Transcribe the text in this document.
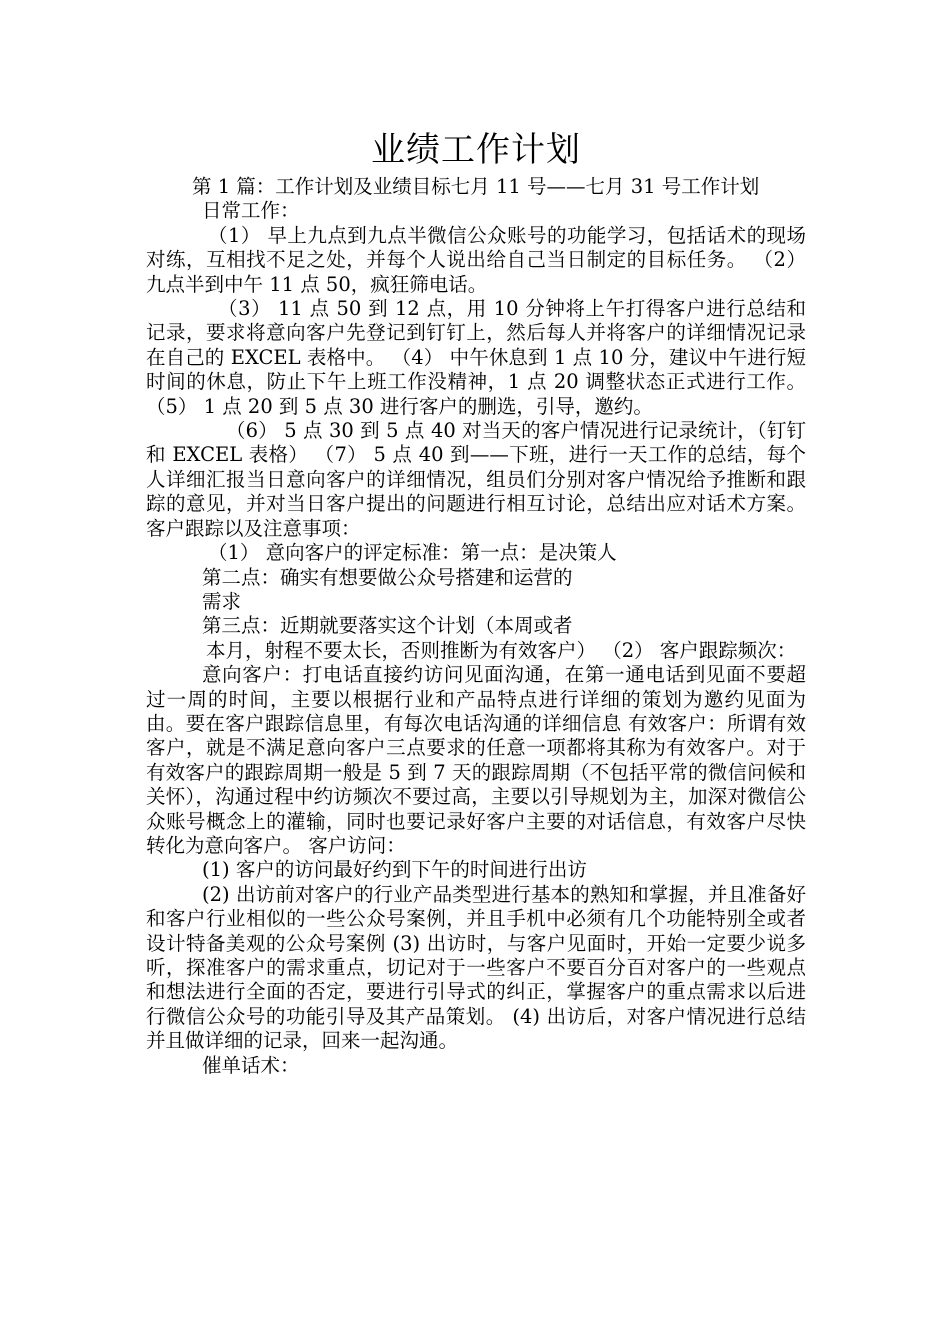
业绩工作计划

第 1 篇：工作计划及业绩目标七月 11 号——七月 31 号工作计划

日常工作：

（1） 早上九点到九点半微信公众账号的功能学习，包括话术的现场对练，互相找不足之处，并每个人说出给自己当日制定的目标任务。 （2） 九点半到中午 11 点 50，疯狂筛电话。

（3） 11 点 50 到 12 点，用 10 分钟将上午打得客户进行总结和记录，要求将意向客户先登记到钉钉上，然后每人并将客户的详细情况记录在自己的 EXCEL 表格中。 （4） 中午休息到 1 点 10 分，建议中午进行短时间的休息，防止下午上班工作没精神，1 点 20 调整状态正式进行工作。 （5） 1 点 20 到 5 点 30 进行客户的删选，引导，邀约。

（6） 5 点 30 到 5 点 40 对当天的客户情况进行记录统计，（钉钉和 EXCEL 表格） （7） 5 点 40 到——下班，进行一天工作的总结，每个人详细汇报当日意向客户的详细情况，组员们分别对客户情况给予推断和跟踪的意见，并对当日客户提出的问题进行相互讨论，总结出应对话术方案。 客户跟踪以及注意事项：

（1） 意向客户的评定标准：第一点：是决策人

第二点：确实有想要做公众号搭建和运营的

需求

第三点：近期就要落实这个计划（本周或者

本月，射程不要太长，否则推断为有效客户） （2） 客户跟踪频次：

意向客户：打电话直接约访问见面沟通，在第一通电话到见面不要超过一周的时间，主要以根据行业和产品特点进行详细的策划为邀约见面为由。要在客户跟踪信息里，有每次电话沟通的详细信息 有效客户：所谓有效客户，就是不满足意向客户三点要求的任意一项都将其称为有效客户。对于有效客户的跟踪周期一般是 5 到 7 天的跟踪周期（不包括平常的微信问候和关怀），沟通过程中约访频次不要过高，主要以引导规划为主，加深对微信公众账号概念上的灌输，同时也要记录好客户主要的对话信息，有效客户尽快转化为意向客户。 客户访问：

(1) 客户的访问最好约到下午的时间进行出访

(2) 出访前对客户的行业产品类型进行基本的熟知和掌握，并且准备好和客户行业相似的一些公众号案例，并且手机中必须有几个功能特别全或者设计特备美观的公众号案例 (3) 出访时，与客户见面时，开始一定要少说多听，探准客户的需求重点，切记对于一些客户不要百分百对客户的一些观点和想法进行全面的否定，要进行引导式的纠正，掌握客户的重点需求以后进行微信公众号的功能引导及其产品策划。 (4) 出访后，对客户情况进行总结并且做详细的记录，回来一起沟通。

催单话术：
